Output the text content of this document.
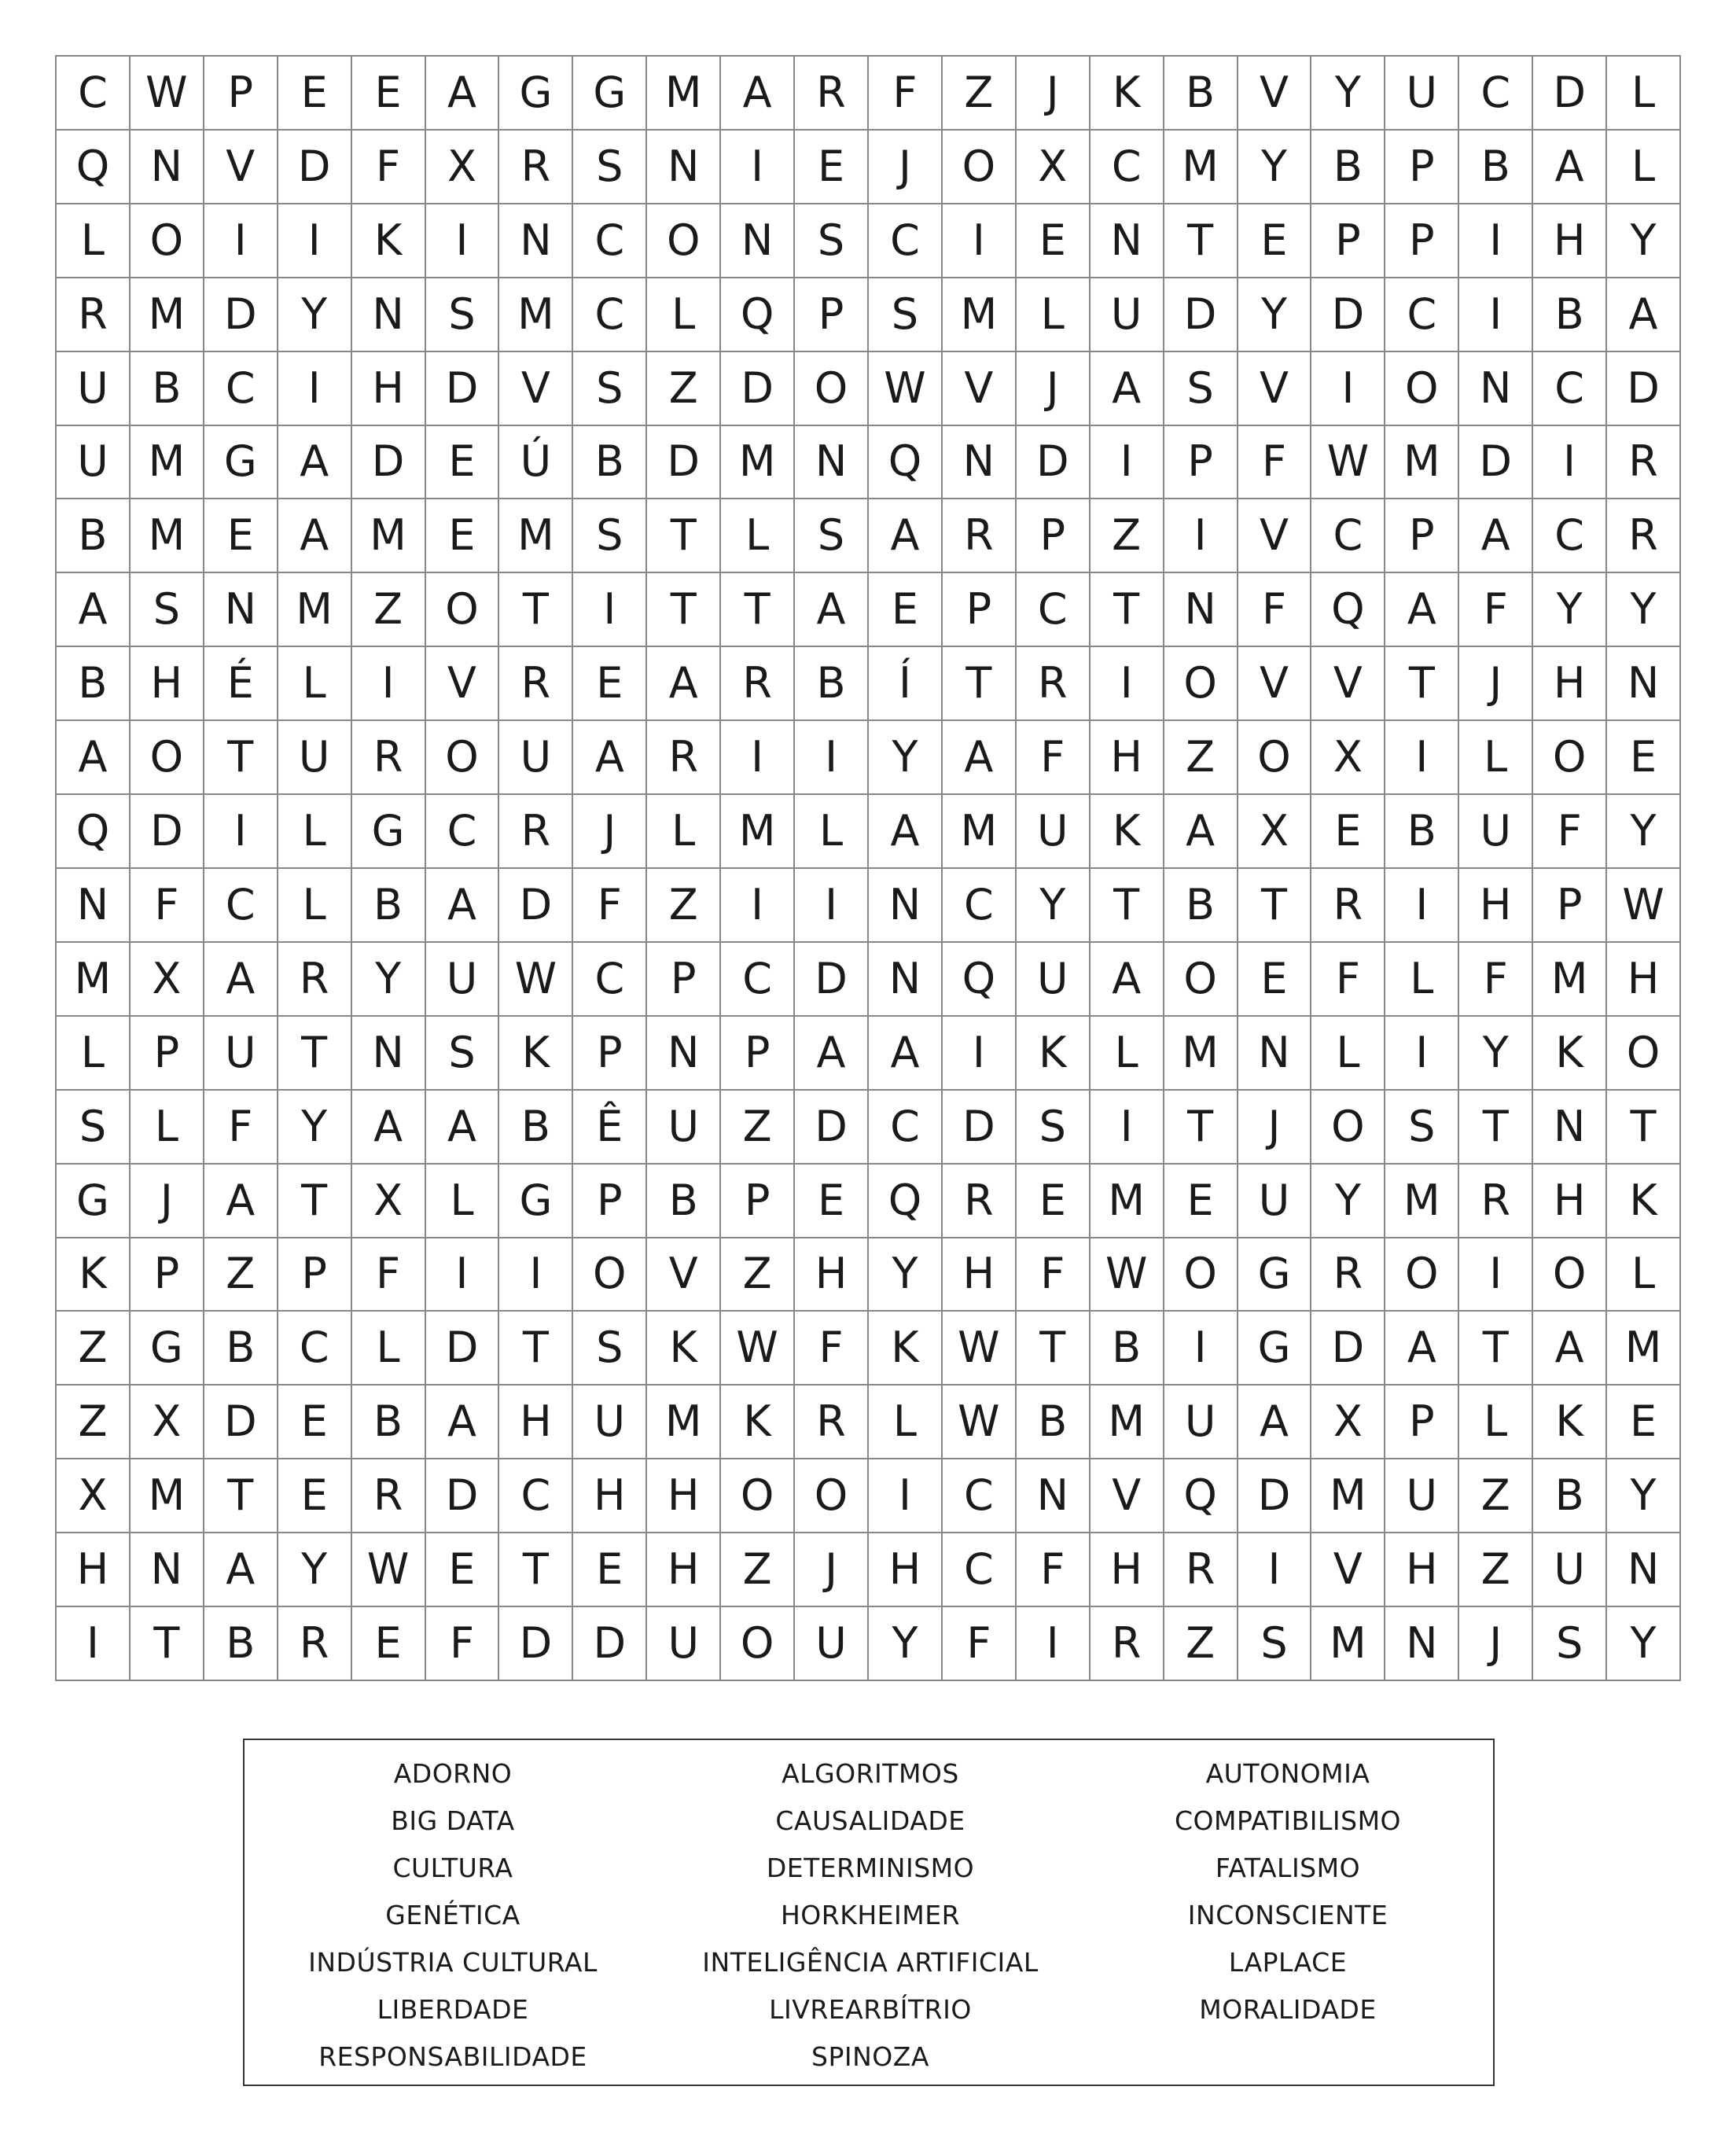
C W P	E	E	A	G G M A	R	F	Z	J	K	B	V	Y	U	C	D	L
Q N	V	D	F	X	R	S	N	I	E	J	O	X	C M	Y	B	P	B	A	L
L	O	I	I	K	I	N	C O N	S	C	I	E	N	T	E	P	P	I	H	Y
R M D	Y	N	S M C	L	Q	P	S M	L	U D	Y	D	C	I	B	A
U	B	C	I	H D	V	S	Z	D O W V	J	A	S	V	I	O N	C	D
U M G	A	D	E	Ú	B	D M N Q N D	I	P	F W M D	I	R
B M E	A M E M S	T	L	S	A	R	P	Z	I	V	C	P	A	C	R
A	S	N M Z	O	T	I	T	T	A	E	P	C	T	N	F	Q	A	F	Y	Y
B	H	É	L	I	V	R	E	A	R	B	Í	T	R	I	O	V	V	T	J	H N
A	O	T	U	R O U	A	R	I	I	Y	A	F	H	Z	O	X	I	L	O	E
Q D	I	L	G	C	R	J	L	M	L	A M U	K	A	X	E	B	U	F	Y
N	F	C	L	B	A	D	F	Z	I	I	N	C	Y	T	B	T	R	I	H	P W
M X	A	R	Y	U W C	P	C	D N Q U	A	O	E	F	L	F	M H
L	P	U	T	N	S	K	P	N	P	A	A	I	K	L	M N	L	I	Y	K	O
S	L	F	Y	A	A	B	Ê	U	Z	D	C	D	S	I	T	J	O	S	T	N	T
G	J	A	T	X	L	G	P	B	P	E	Q R	E M E	U	Y	M R	H	K
K	P	Z	P	F	I	I	O	V	Z	H	Y	H	F W O G	R O	I	O	L
Z	G	B	C	L	D	T	S	K W F	K W T	B	I	G D	A	T	A M
Z	X	D	E	B	A	H U M K	R	L W B M U	A	X	P	L	K	E
X M	T	E	R	D	C	H H O O	I	C	N	V	Q D M U	Z	B	Y
H N	A	Y W E	T	E	H	Z	J	H	C	F	H	R	I	V	H	Z	U N
I	T	B	R	E	F	D D U O U	Y	F	I	R	Z	S M N	J	S	Y
ADORNO	ALGORITMOS	AUTONOMIA
BIG DATA	CAUSALIDADE	COMPATIBILISMO
CULTURA	DETERMINISMO	FATALISMO
GENÉTICA	HORKHEIMER	INCONSCIENTE
INDÚSTRIA CULTURAL	INTELIGÊNCIA ARTIFICIAL	LAPLACE
LIBERDADE	LIVREARBÍTRIO	MORALIDADE
RESPONSABILIDADE	SPINOZA
